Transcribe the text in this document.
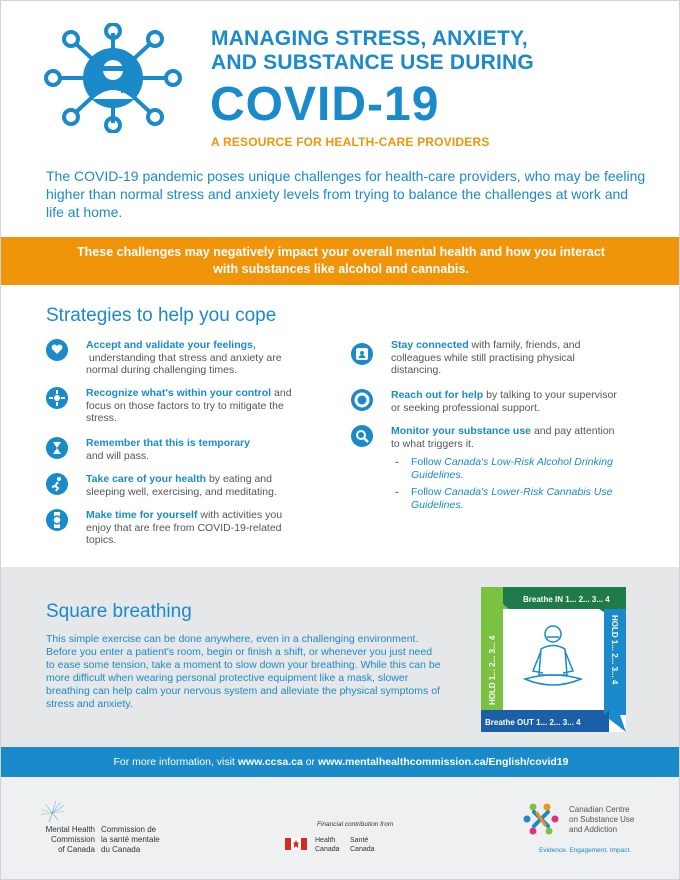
MANAGING STRESS, ANXIETY,
AND SUBSTANCE USE DURING
COVID-19
A RESOURCE FOR HEALTH-CARE PROVIDERS
The COVID-19 pandemic poses unique challenges for health-care providers, who may be feeling higher than normal stress and anxiety levels from trying to balance the challenges at work and life at home.
These challenges may negatively impact your overall mental health and how you interact
with substances like alcohol and cannabis.
Strategies to help you cope
Accept and validate your feelings, understanding that stress and anxiety are normal during challenging times.
Recognize what's within your control and focus on those factors to try to mitigate the stress.
Remember that this is temporary
and will pass.
Take care of your health by eating and sleeping well, exercising, and meditating.
Make time for yourself with activities you enjoy that are free from COVID-19-related topics.
Stay connected with family, friends, and colleagues while still practising physical distancing.
Reach out for help by talking to your supervisor or seeking professional support.
Monitor your substance use and pay attention to what triggers it.
- Follow Canada's Low-Risk Alcohol Drinking Guidelines.
- Follow Canada's Lower-Risk Cannabis Use Guidelines.
Square breathing
This simple exercise can be done anywhere, even in a challenging environment. Before you enter a patient's room, begin or finish a shift, or whenever you just need to ease some tension, take a moment to slow down your breathing. While this can be more difficult when wearing personal protective equipment like a mask, slower breathing can help calm your nervous system and alleviate the physical symptoms of stress and anxiety.
Breathe IN 1... 2... 3... 4
Breathe OUT 1... 2... 3... 4
HOLD 1... 2... 3... 4
HOLD 1... 2... 3... 4
For more information, visit www.ccsa.ca or www.mentalhealthcommission.ca/English/covid19
Mental Health
Commission
of Canada
Commission de
la santé mentale
du Canada
Financial contribution from
Health
Canada
Santé
Canada
Canadian Centre
on Substance Use
and Addiction
Evidence. Engagement. Impact.
